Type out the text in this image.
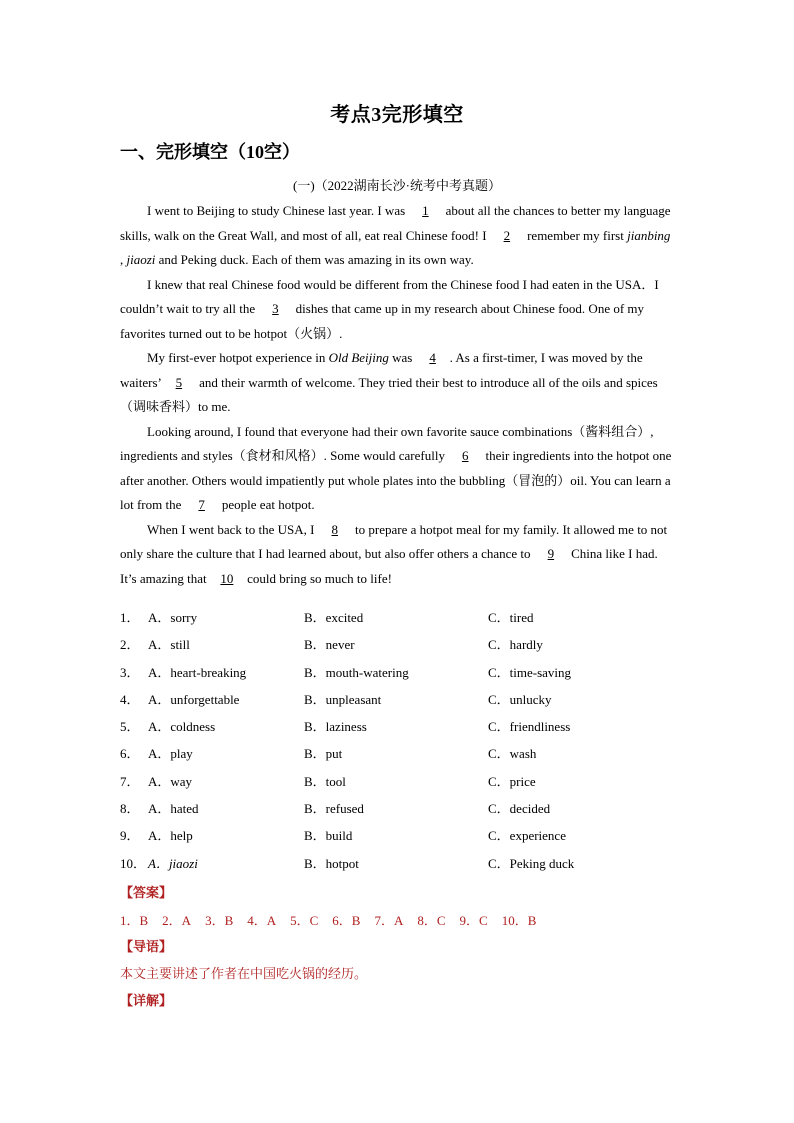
考点3完形填空
一、完形填空（10空）
(一)（2022湖南长沙·统考中考真题）

I went to Beijing to study Chinese last year. I was 1 about all the chances to better my language skills, walk on the Great Wall, and most of all, eat real Chinese food! I 2 remember my first jianbing , jiaozi and Peking duck. Each of them was amazing in its own way.

I knew that real Chinese food would be different from the Chinese food I had eaten in the USA．I couldn’t wait to try all the 3 dishes that came up in my research about Chinese food. One of my favorites turned out to be hotpot（火锅）.

My first-ever hotpot experience in Old Beijing was 4 . As a first-timer, I was moved by the waiters’ 5 and their warmth of welcome. They tried their best to introduce all of the oils and spices（调味香料）to me.

Looking around, I found that everyone had their own favorite sauce combinations（酱料组合）, ingredients and styles（食材和风格）. Some would carefully 6 their ingredients into the hotpot one after another. Others would impatiently put whole plates into the bubbling（冒泡的）oil. You can learn a lot from the 7 people eat hotpot.

When I went back to the USA, I 8 to prepare a hotpot meal for my family. It allowed me to not only share the culture that I had learned about, but also offer others a chance to 9 China like I had. It’s amazing that 10 could bring so much to life!

1． A．sorry	B．excited	C．tired
2． A．still	B．never	C．hardly
3． A．heart-breaking	B．mouth-watering	C．time-saving
4． A．unforgettable	B．unpleasant	C．unlucky
5． A．coldness	B．laziness	C．friendliness
6． A．play	B．put	C．wash
7． A．way	B．tool	C．price
8． A．hated	B．refused	C．decided
9． A．help	B．build	C．experience
10． A．jiaozi	B．hotpot	C．Peking duck
【答案】
1．B 2．A 3．B 4．A 5．C 6．B 7．A 8．C 9．C 10．B
【导语】
本文主要讲述了作者在中国吃火锅的经历。
【详解】
